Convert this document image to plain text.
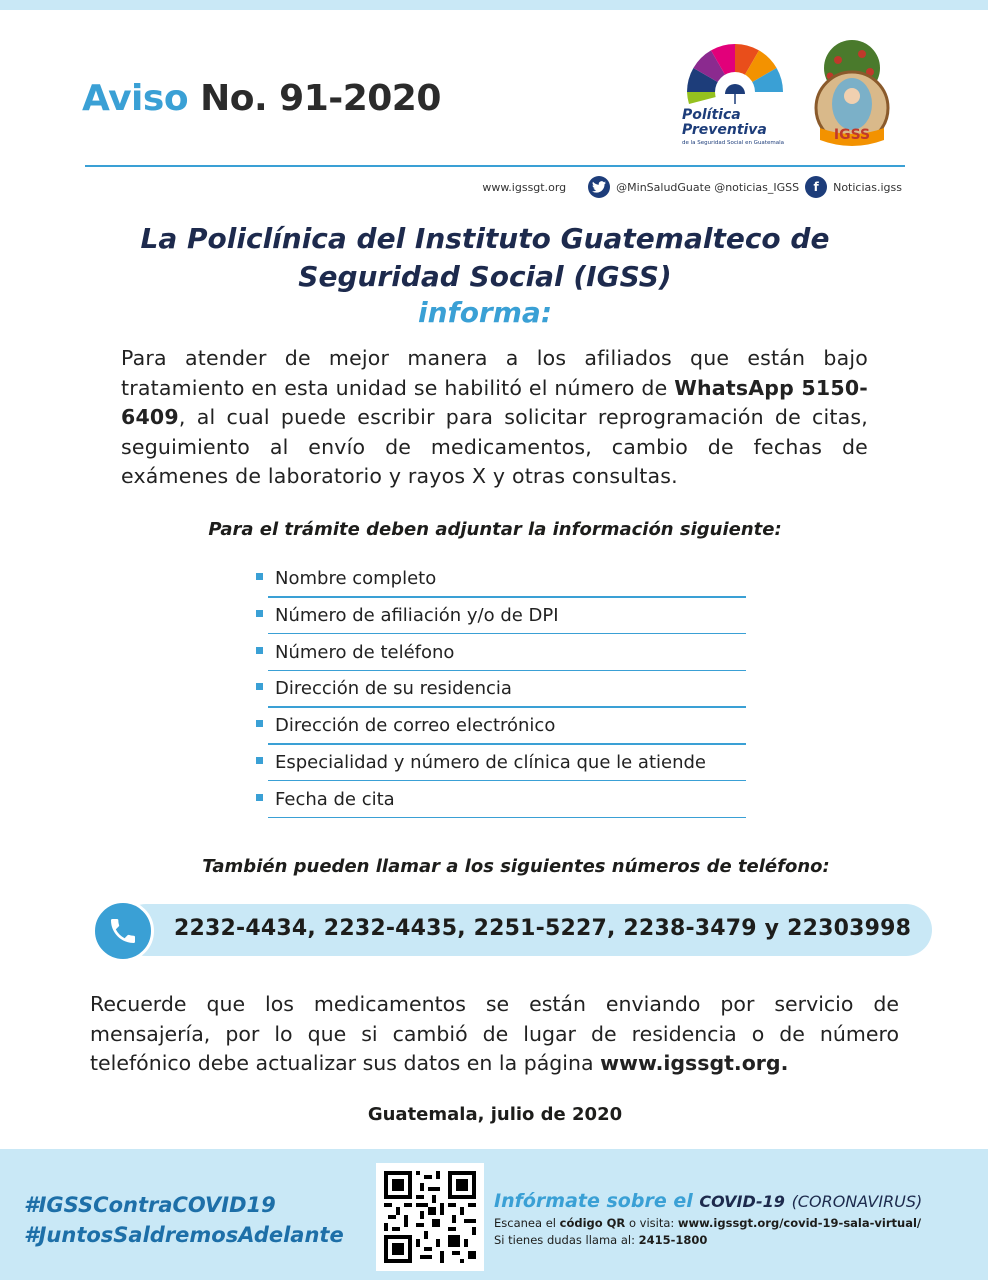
Aviso No. 91-2020	Política
Preventiva
de la Seguridad Social en Guatemala	IGSS
www.igssgt.org	@MinSaludGuate @noticias_IGSS	f	Noticias.igss
La Policlínica del Instituto Guatemalteco de
Seguridad Social (IGSS)
informa:
Para atender de mejor manera a los afiliados que están bajo tratamiento en esta unidad se habilitó el número de WhatsApp 5150-6409, al cual puede escribir para solicitar reprogramación de citas, seguimiento al envío de medicamentos, cambio de fechas de exámenes de laboratorio y rayos X y otras consultas.
Para el trámite deben adjuntar la información siguiente:
Nombre completo
Número de afiliación y/o de DPI
Número de teléfono
Dirección de su residencia
Dirección de correo electrónico
Especialidad y número de clínica que le atiende
Fecha de cita
También pueden llamar a los siguientes números de teléfono:
2232-4434, 2232-4435, 2251-5227, 2238-3479 y 22303998
Recuerde que los medicamentos se están enviando por servicio de mensajería, por lo que si cambió de lugar de residencia o de número telefónico debe actualizar sus datos en la página www.igssgt.org.
Guatemala, julio de 2020
#IGSSContraCOVID19
#JuntosSaldremosAdelante
Infórmate sobre el COVID-19 (CORONAVIRUS)
Escanea el código QR o visita: www.igssgt.org/covid-19-sala-virtual/
Si tienes dudas llama al: 2415-1800
